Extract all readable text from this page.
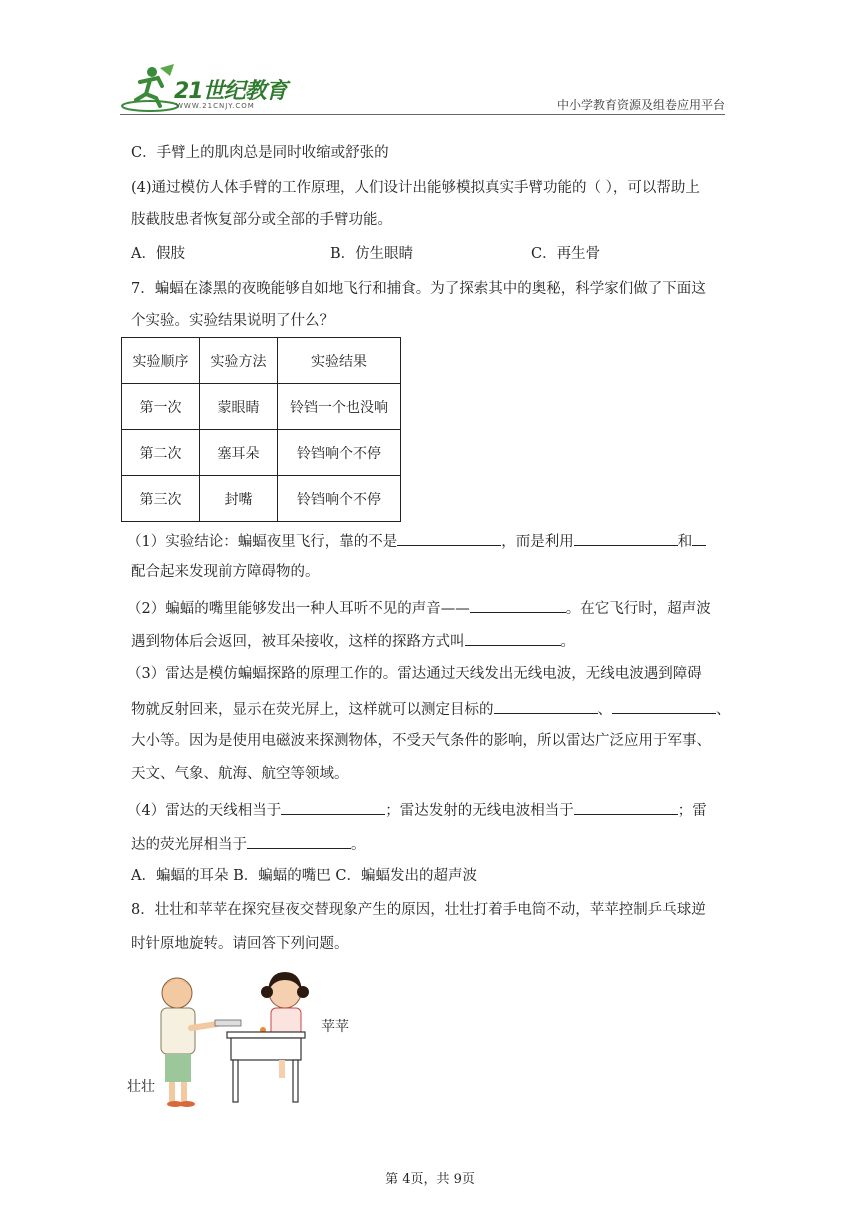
21世纪教育
WWW.21CNJY.COM	中小学教育资源及组卷应用平台
C．手臂上的肌肉总是同时收缩或舒张的
(4)通过模仿人体手臂的工作原理，人们设计出能够模拟真实手臂功能的（ ），可以帮助上
肢截肢患者恢复部分或全部的手臂功能。
A．假肢	B．仿生眼睛	C．再生骨
7．蝙蝠在漆黑的夜晚能够自如地飞行和捕食。为了探索其中的奥秘，科学家们做了下面这
个实验。实验结果说明了什么？
实验顺序	实验方法	实验结果
第一次	蒙眼睛	铃铛一个也没响
第二次	塞耳朵	铃铛响个不停
第三次	封嘴	铃铛响个不停
（1）实验结论：蝙蝠夜里飞行，靠的不是	，而是利用	和
配合起来发现前方障碍物的。
（2）蝙蝠的嘴里能够发出一种人耳听不见的声音——	。在它飞行时，超声波
遇到物体后会返回，被耳朵接收，这样的探路方式叫	。
（3）雷达是模仿蝙蝠探路的原理工作的。雷达通过天线发出无线电波，无线电波遇到障碍
物就反射回来，显示在荧光屏上，这样就可以测定目标的	、	、
大小等。因为是使用电磁波来探测物体，不受天气条件的影响，所以雷达广泛应用于军事、
天文、气象、航海、航空等领域。
（4）雷达的天线相当于	；雷达发射的无线电波相当于	；雷
达的荧光屏相当于	。
A．蝙蝠的耳朵 B．蝙蝠的嘴巴 C．蝙蝠发出的超声波
8．壮壮和苹苹在探究昼夜交替现象产生的原因，壮壮打着手电筒不动，苹苹控制乒乓球逆
时针原地旋转。请回答下列问题。
壮壮
苹苹
第 4页，共 9页
